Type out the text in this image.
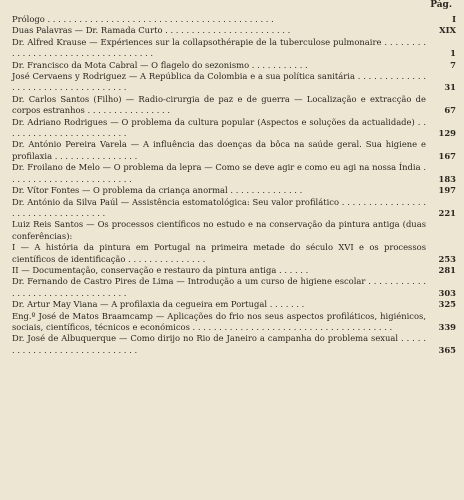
Pág.
Prólogo . . . . . . . . . . . . . . . . . . . . . . . . . . . . . . . . . . . . . . . . . . .	I
Duas Palavras — Dr. Ramada Curto . . . . . . . . . . . . . . . . . . . . . . . .	XIX
Dr. Alfred Krause — Expériences sur la collapsothérapie de la tuberculose pulmonaire . . . . . . . . . . . . . . . . . . . . . . . . . . . . . . . . . . .	1
Dr. Francisco da Mota Cabral — O flagelo do sezonismo . . . . . . . . . . .	7
José Cervaens y Rodriguez — A República da Colombia e a sua política sanitária . . . . . . . . . . . . . . . . . . . . . . . . . . . . . . . . . . .	31
Dr. Carlos Santos (Filho) — Radio-cirurgia de paz e de guerra — Localização e extracção de corpos estranhos . . . . . . . . . . . . . . . .	67
Dr. Adriano Rodrigues — O problema da cultura popular (Aspectos e soluções da actualidade) . . . . . . . . . . . . . . . . . . . . . . . .	129
Dr. António Pereira Varela — A influência das doenças da bôca na saúde geral. Sua higiene e profilaxia . . . . . . . . . . . . . . . .	167
Dr. Froilano de Melo — O problema da lepra — Como se deve agir e como eu agi na nossa Índia . . . . . . . . . . . . . . . . . . . . . . . .	183
Dr. Vítor Fontes — O problema da criança anormal . . . . . . . . . . . . . .	197
Dr. António da Silva Paúl — Assistência estomatológica: Seu valor profilático . . . . . . . . . . . . . . . . . . . . . . . . . . . . . . . . . .	221
Luiz Reis Santos — Os processos científicos no estudo e na conservação da pintura antiga (duas conferências):
I — A história da pintura em Portugal na primeira metade do século XVI e os processos científicos de identificação . . . . . . . . . . . . . . .	253
II — Documentação, conservação e restauro da pintura antiga . . . . . .	281
Dr. Fernando de Castro Pires de Lima — Introdução a um curso de higiene escolar . . . . . . . . . . . . . . . . . . . . . . . . . . . . . . . . .	303
Dr. Artur May Viana — A profilaxia da cegueira em Portugal . . . . . . .	325
Eng.º José de Matos Braamcamp — Aplicações do frio nos seus aspectos profiláticos, higiénicos, sociais, científicos, técnicos e económicos . . . . . . . . . . . . . . . . . . . . . . . . . . . . . . . . . . . . . .	339
Dr. José de Albuquerque — Como dirijo no Rio de Janeiro a campanha do problema sexual . . . . . . . . . . . . . . . . . . . . . . . . . . . . .	365
